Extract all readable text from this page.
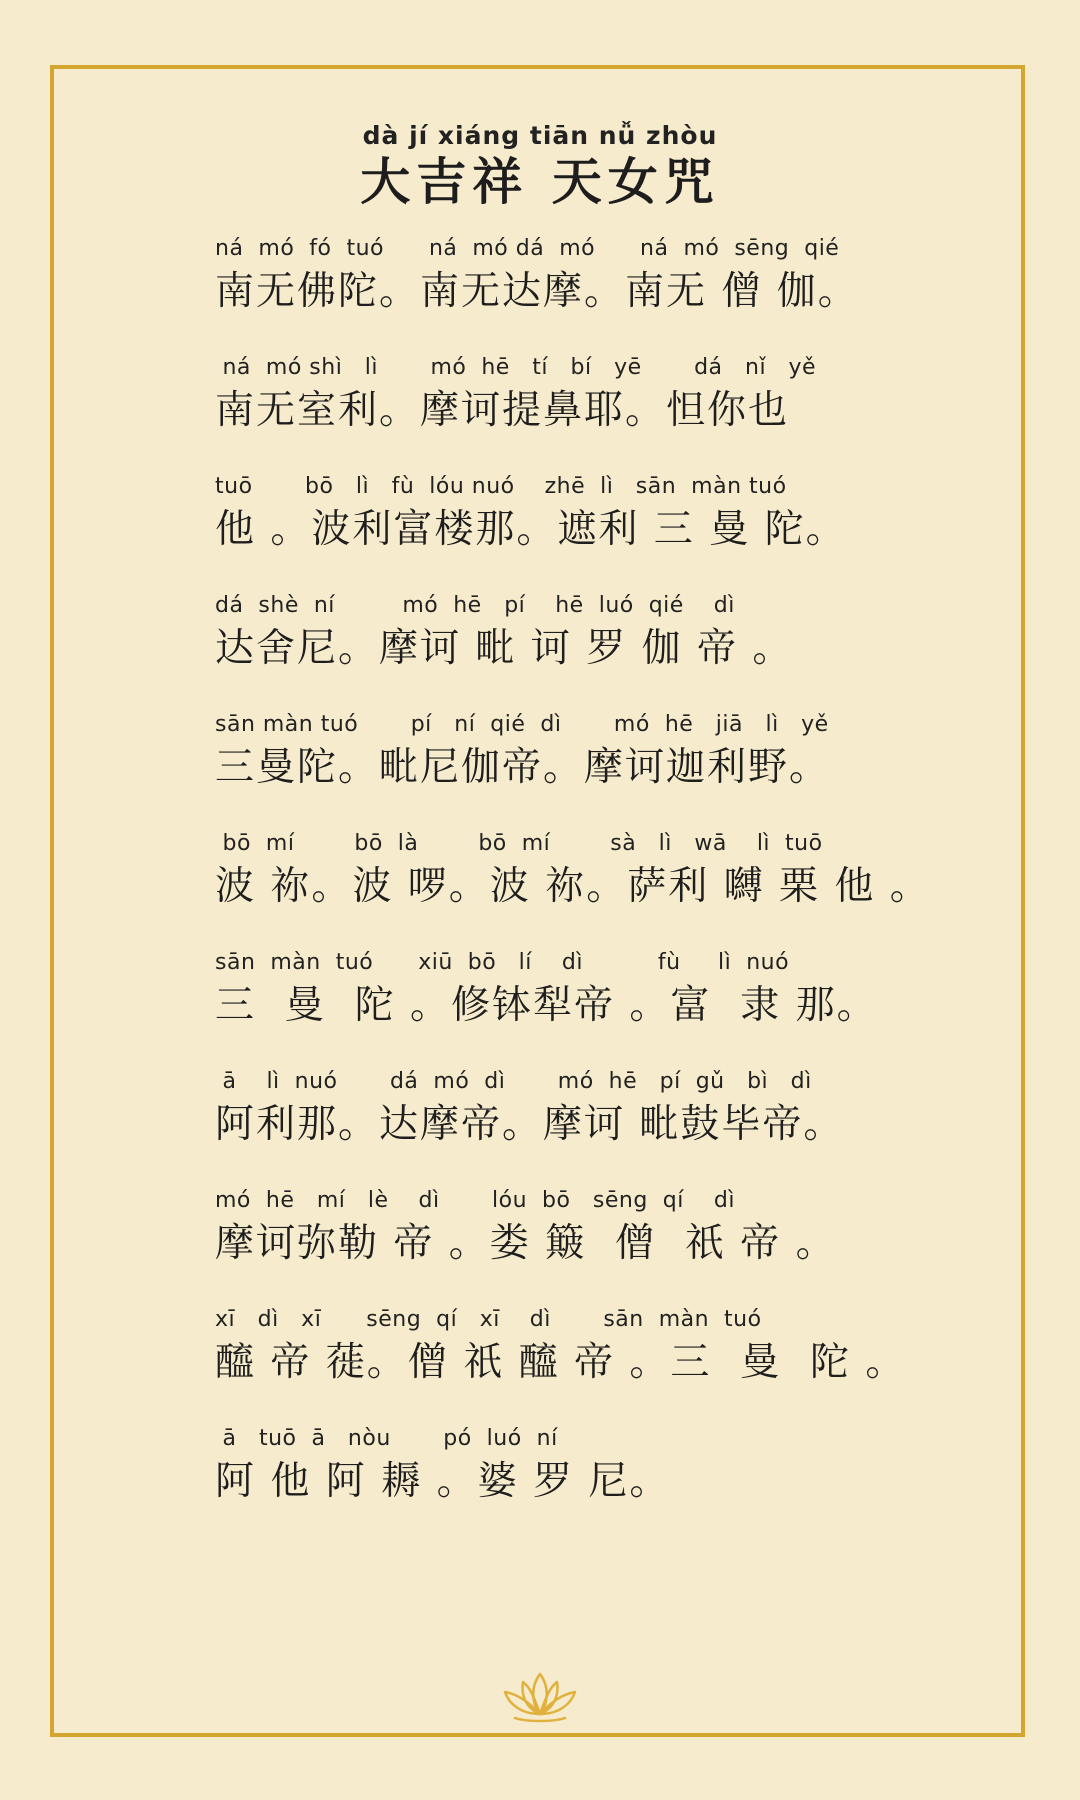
dà jí xiáng tiān nǚ zhòu
大吉祥 天女咒
ná  mó  fó  tuó      ná  mó dá  mó      ná  mó  sēng  qié
南无佛陀。南无达摩。南无 僧 伽。
ná  mó shì   lì       mó  hē   tí   bí   yē       dá   nǐ   yě
南无室利。摩诃提鼻耶。怛你也
tuō       bō   lì   fù  lóu nuó    zhē  lì   sān  màn tuó
他 。波利富楼那。遮利 三 曼 陀。
dá  shè  ní         mó  hē   pí    hē  luó  qié    dì
达舍尼。摩诃 毗 诃 罗 伽 帝 。
sān màn tuó       pí   ní  qié  dì       mó  hē   jiā   lì   yě
三曼陀。毗尼伽帝。摩诃迦利野。
bō  mí        bō  là        bō  mí        sà   lì   wā    lì  tuō
波 祢。波 啰。波 祢。萨利 嚩 栗 他 。
sān  màn  tuó      xiū  bō   lí    dì          fù     lì  nuó
三  曼  陀 。修钵犁帝 。富  隶 那。
ā    lì  nuó       dá  mó  dì       mó  hē   pí  gǔ   bì   dì
阿利那。达摩帝。摩诃 毗鼓毕帝。
mó  hē   mí   lè    dì       lóu  bō   sēng  qí    dì
摩诃弥勒 帝 。娄 簸  僧  祇 帝 。
xī   dì   xī      sēng  qí   xī    dì       sān  màn  tuó
醯 帝 蓰。僧 祇 醯 帝 。三  曼  陀 。
ā   tuō  ā   nòu       pó  luó  ní
阿 他 阿 耨 。婆 罗 尼。
